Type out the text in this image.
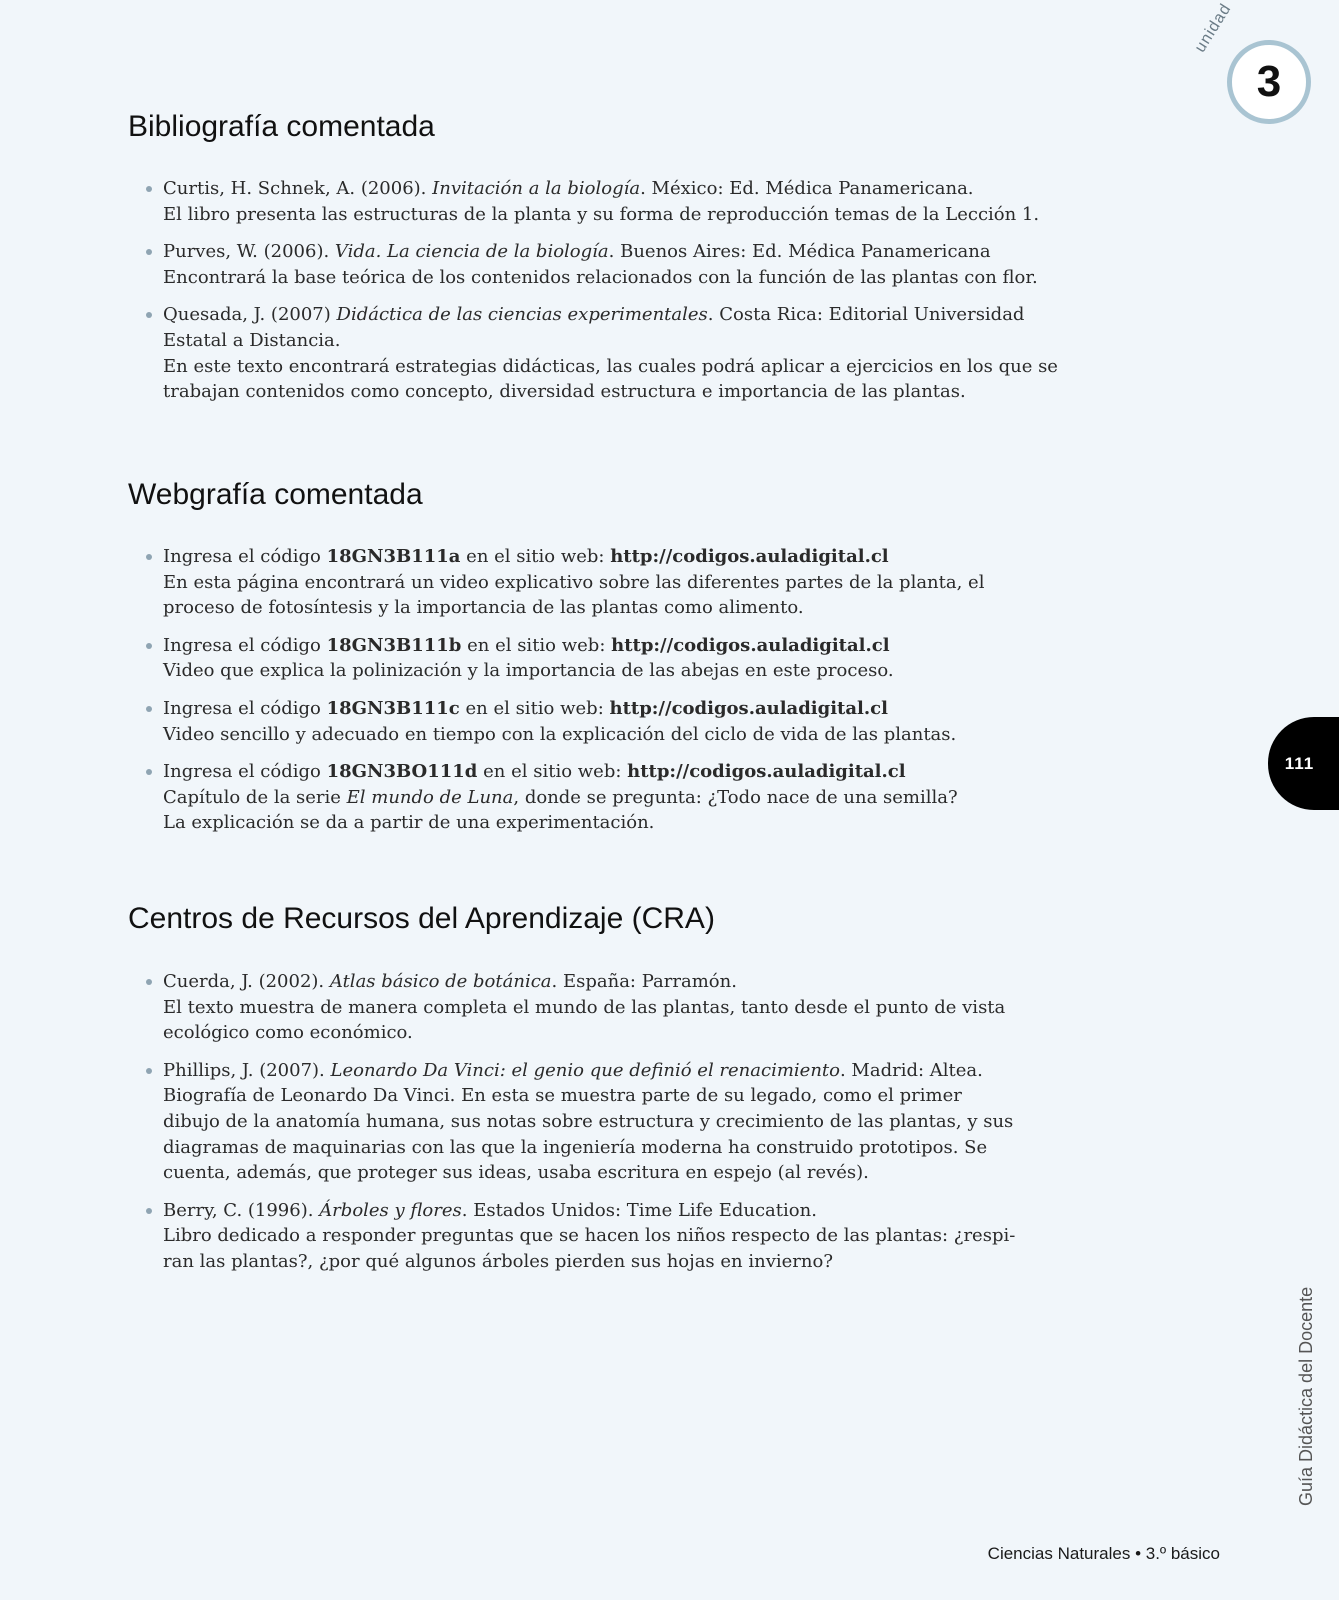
unidad
3
Bibliografía comentada
Curtis, H. Schnek, A. (2006). Invitación a la biología. México: Ed. Médica Panamericana.
El libro presenta las estructuras de la planta y su forma de reproducción temas de la Lección 1.
Purves, W. (2006). Vida. La ciencia de la biología. Buenos Aires: Ed. Médica Panamericana
Encontrará la base teórica de los contenidos relacionados con la función de las plantas con flor.
Quesada, J. (2007) Didáctica de las ciencias experimentales. Costa Rica: Editorial Universidad
Estatal a Distancia.
En este texto encontrará estrategias didácticas, las cuales podrá aplicar a ejercicios en los que se
trabajan contenidos como concepto, diversidad estructura e importancia de las plantas.
Webgrafía comentada
Ingresa el código 18GN3B111a en el sitio web: http://codigos.auladigital.cl
En esta página encontrará un video explicativo sobre las diferentes partes de la planta, el
proceso de fotosíntesis y la importancia de las plantas como alimento.
Ingresa el código 18GN3B111b en el sitio web: http://codigos.auladigital.cl
Video que explica la polinización y la importancia de las abejas en este proceso.
Ingresa el código 18GN3B111c en el sitio web: http://codigos.auladigital.cl
Video sencillo y adecuado en tiempo con la explicación del ciclo de vida de las plantas.
Ingresa el código 18GN3BO111d en el sitio web: http://codigos.auladigital.cl
Capítulo de la serie El mundo de Luna, donde se pregunta: ¿Todo nace de una semilla?
La explicación se da a partir de una experimentación.
Centros de Recursos del Aprendizaje (CRA)
Cuerda, J. (2002). Atlas básico de botánica. España: Parramón.
El texto muestra de manera completa el mundo de las plantas, tanto desde el punto de vista
ecológico como económico.
Phillips, J. (2007). Leonardo Da Vinci: el genio que definió el renacimiento. Madrid: Altea.
Biografía de Leonardo Da Vinci. En esta se muestra parte de su legado, como el primer
dibujo de la anatomía humana, sus notas sobre estructura y crecimiento de las plantas, y sus
diagramas de maquinarias con las que la ingeniería moderna ha construido prototipos. Se
cuenta, además, que proteger sus ideas, usaba escritura en espejo (al revés).
Berry, C. (1996). Árboles y flores. Estados Unidos: Time Life Education.
Libro dedicado a responder preguntas que se hacen los niños respecto de las plantas: ¿respi-
ran las plantas?, ¿por qué algunos árboles pierden sus hojas en invierno?
111
Guía Didáctica del Docente
Ciencias Naturales • 3.º básico
